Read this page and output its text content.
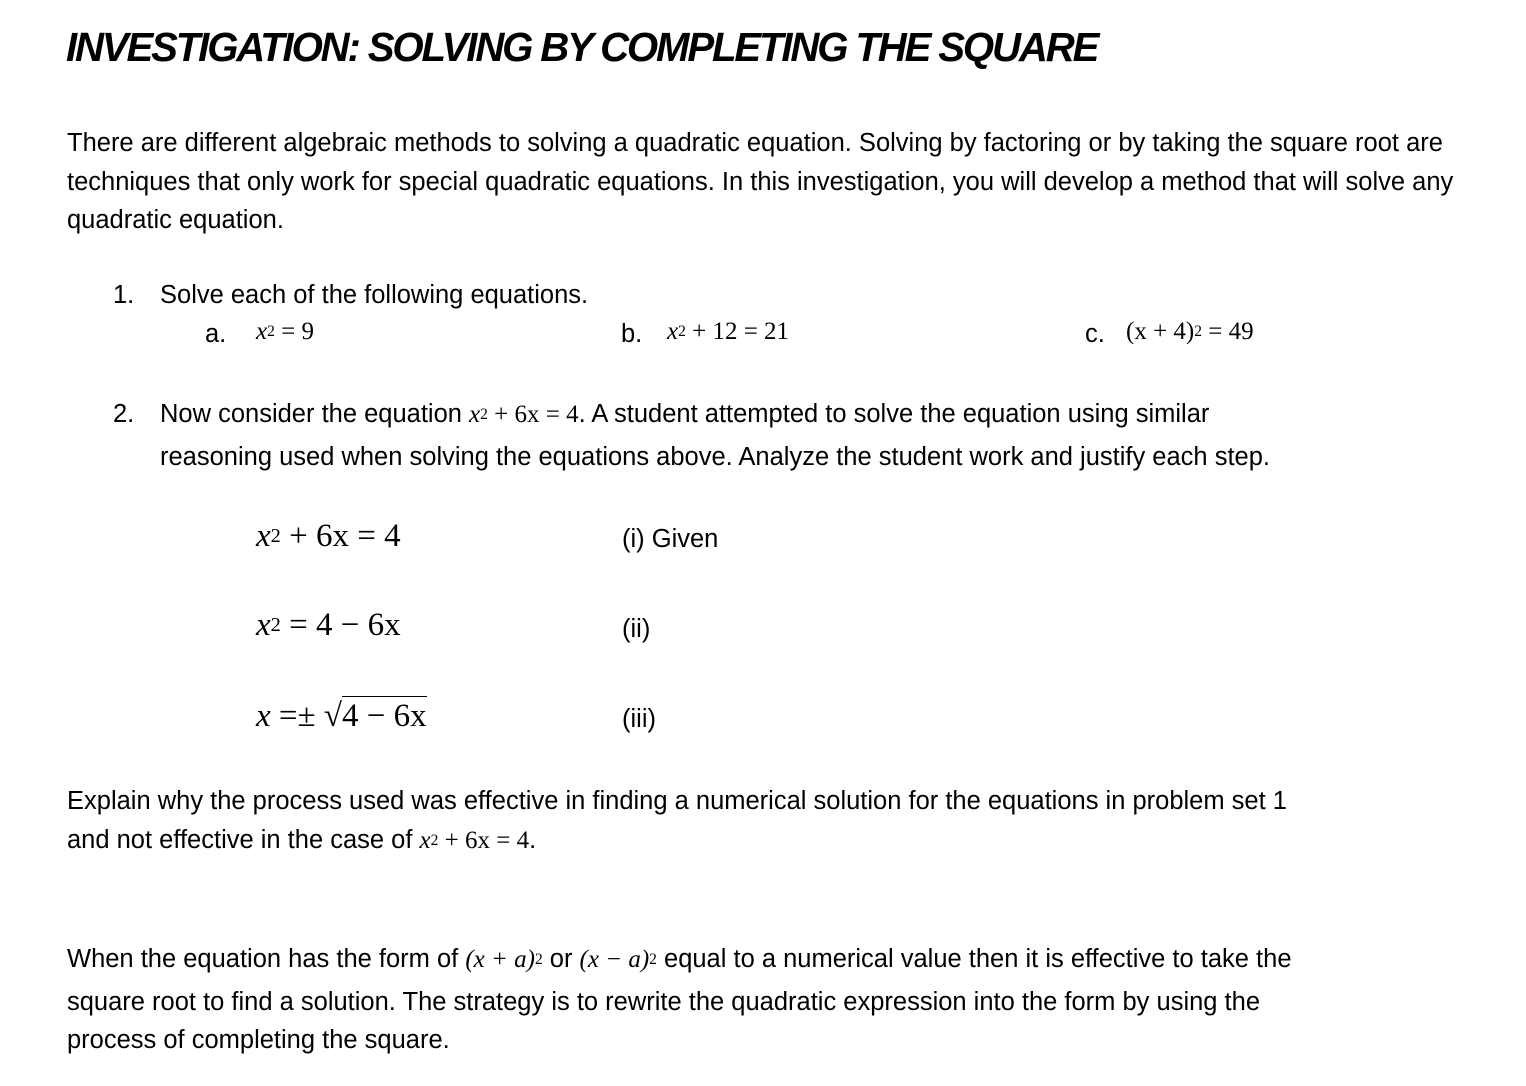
INVESTIGATION: SOLVING BY COMPLETING THE SQUARE
There are different algebraic methods to solving a quadratic equation. Solving by factoring or by taking the square root are techniques that only work for special quadratic equations. In this investigation, you will develop a method that will solve any quadratic equation.
1. Solve each of the following equations.
a. $x^2 = 9$	b. $x^2 + 12 = 21$	c. $(x + 4)^2 = 49$
2. Now consider the equation $x^2 + 6x = 4$. A student attempted to solve the equation using similar
reasoning used when solving the equations above. Analyze the student work and justify each step.
$x^2 + 6x = 4$	(i) Given
$x^2 = 4 - 6x$	(ii)
x =± √4 − 6x	(iii)
Explain why the process used was effective in finding a numerical solution for the equations in problem set 1
and not effective in the case of $x^2 + 6x = 4$.
When the equation has the form of $(x + a)^2$ or $(x - a)^2$ equal to a numerical value then it is effective to take the
square root to find a solution. The strategy is to rewrite the quadratic expression into the form by using the
process of completing the square.
